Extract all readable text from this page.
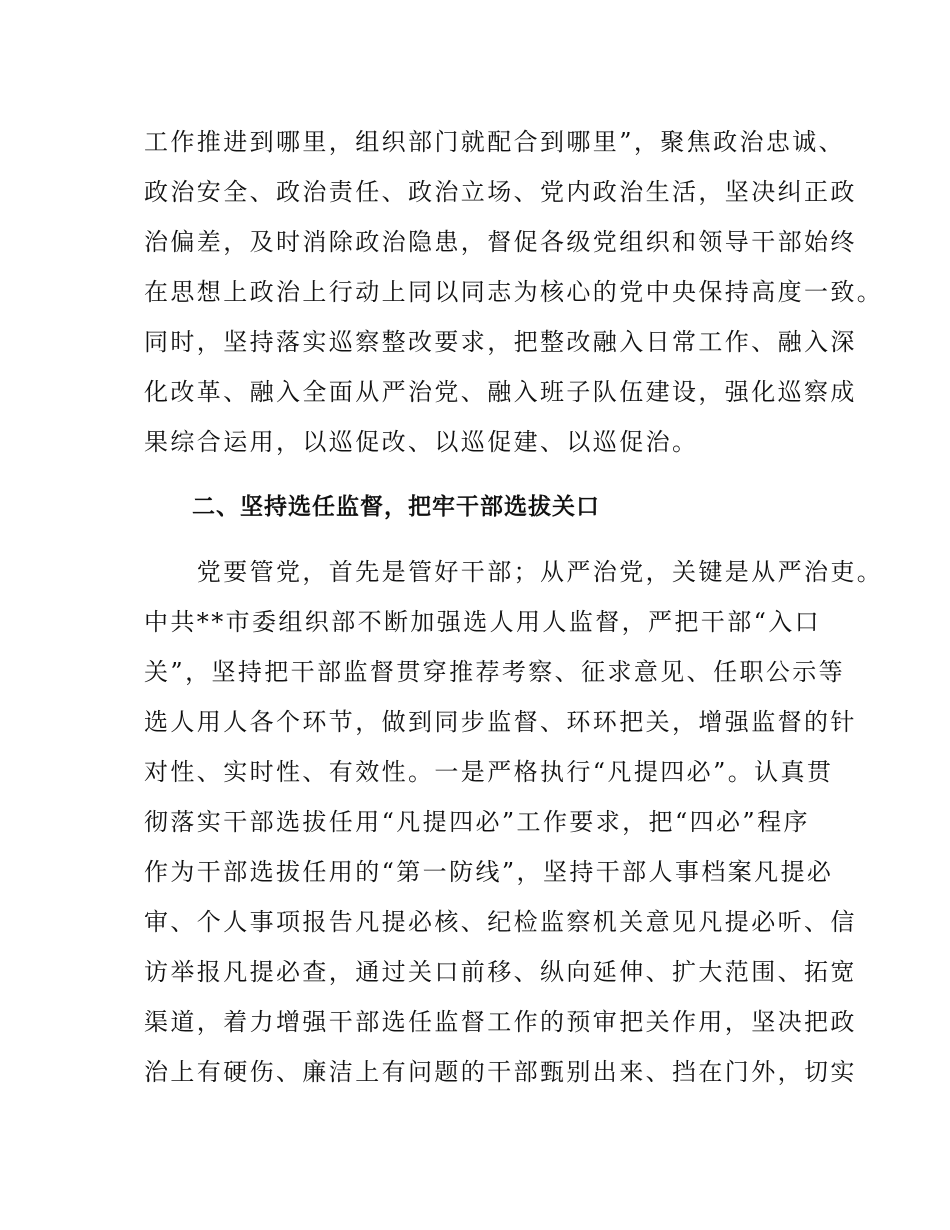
工作推进到哪里，组织部门就配合到哪里”，聚焦政治忠诚、

政治安全、政治责任、政治立场、党内政治生活，坚决纠正政

治偏差，及时消除政治隐患，督促各级党组织和领导干部始终

在思想上政治上行动上同以同志为核心的党中央保持高度一致。

同时，坚持落实巡察整改要求，把整改融入日常工作、融入深

化改革、融入全面从严治党、融入班子队伍建设，强化巡察成

果综合运用，以巡促改、以巡促建、以巡促治。

二、坚持选任监督，把牢干部选拔关口

　　党要管党，首先是管好干部；从严治党，关键是从严治吏。

中共**市委组织部不断加强选人用人监督，严把干部“入口

关”，坚持把干部监督贯穿推荐考察、征求意见、任职公示等

选人用人各个环节，做到同步监督、环环把关，增强监督的针

对性、实时性、有效性。一是严格执行“凡提四必”。认真贯

彻落实干部选拔任用“凡提四必”工作要求，把“四必”程序

作为干部选拔任用的“第一防线”，坚持干部人事档案凡提必

审、个人事项报告凡提必核、纪检监察机关意见凡提必听、信

访举报凡提必查，通过关口前移、纵向延伸、扩大范围、拓宽

渠道，着力增强干部选任监督工作的预审把关作用，坚决把政

治上有硬伤、廉洁上有问题的干部甄别出来、挡在门外，切实
